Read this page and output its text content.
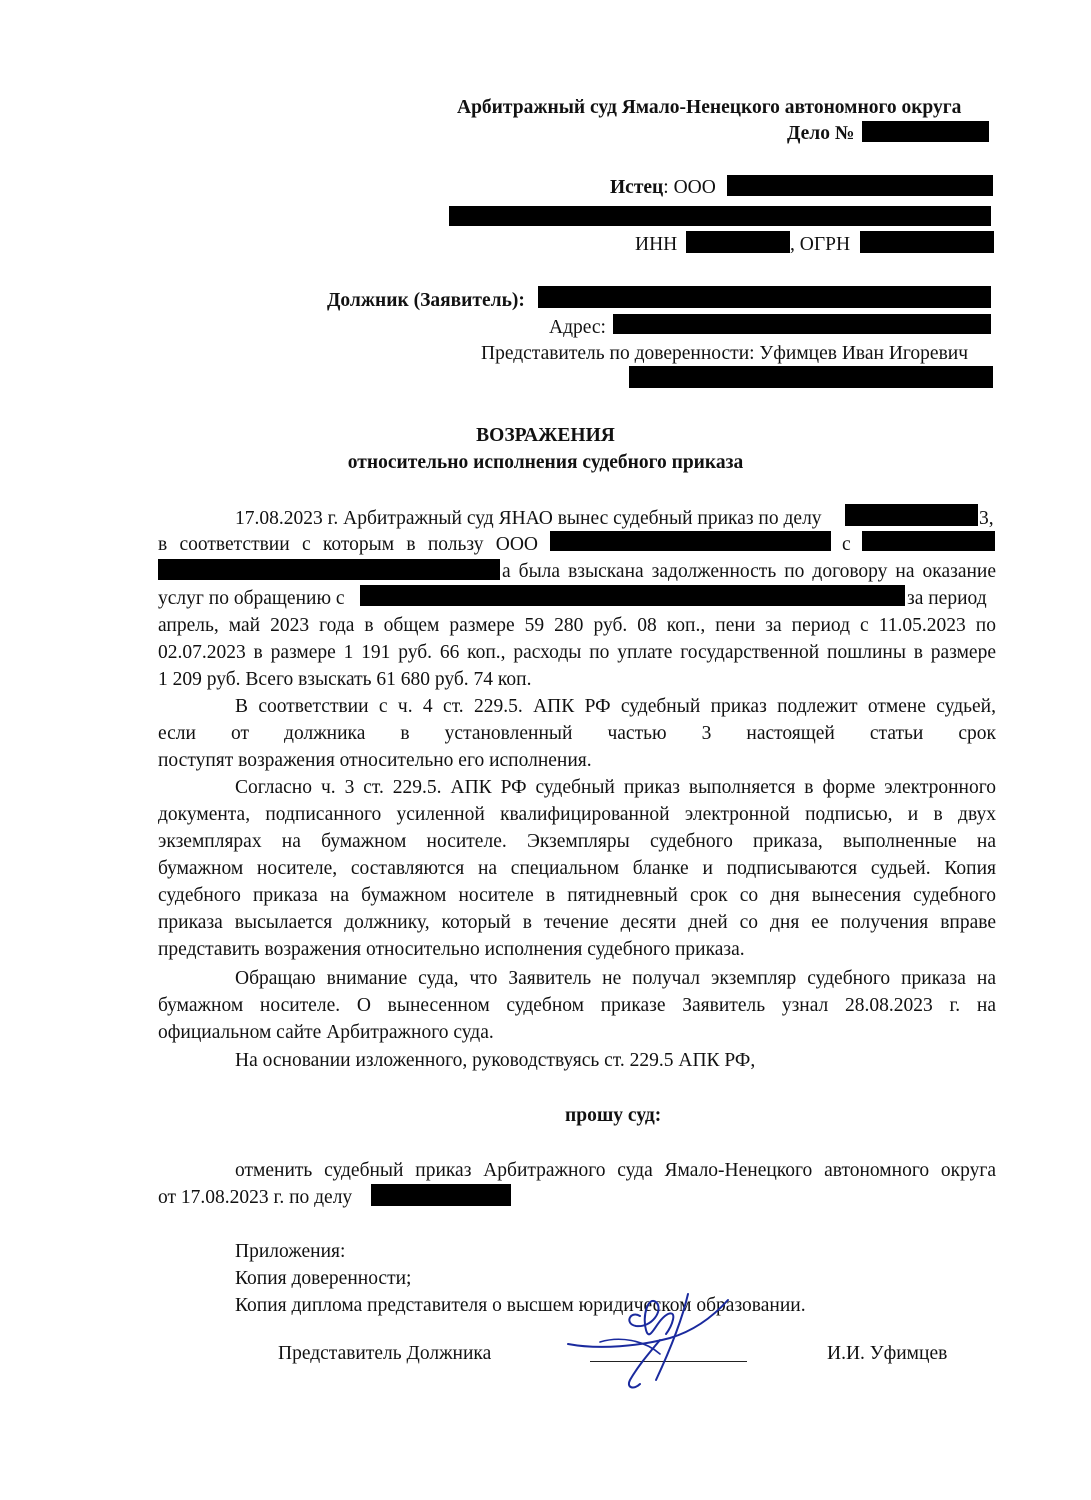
Арбитражный суд Ямало-Ненецкого автономного округа
Дело №
Истец: ООО
ИНН	, ОГРН
Должник (Заявитель):
Адрес:
Представитель по доверенности: Уфимцев Иван Игоревич
ВОЗРАЖЕНИЯ
относительно исполнения судебного приказа
17.08.2023 г. Арбитражный суд ЯНАО вынес судебный приказ по делу	3,
в соответствии с которым в пользу ООО	с
а была взыскана задолженность по договору на оказание
услуг по обращению с	за период
апрель, май 2023 года в общем размере 59 280 руб. 08 коп., пени за период с 11.05.2023 по
02.07.2023 в размере 1 191 руб. 66 коп., расходы по уплате государственной пошлины в размере
1 209 руб. Всего взыскать 61 680 руб. 74 коп.
В соответствии с ч. 4 ст. 229.5. АПК РФ судебный приказ подлежит отмене судьей,
если от должника в установленный частью 3 настоящей статьи срок
поступят возражения относительно его исполнения.
Согласно ч. 3 ст. 229.5. АПК РФ судебный приказ выполняется в форме электронного
документа, подписанного усиленной квалифицированной электронной подписью, и в двух
экземплярах на бумажном носителе. Экземпляры судебного приказа, выполненные на
бумажном носителе, составляются на специальном бланке и подписываются судьей. Копия
судебного приказа на бумажном носителе в пятидневный срок со дня вынесения судебного
приказа высылается должнику, который в течение десяти дней со дня ее получения вправе
представить возражения относительно исполнения судебного приказа.
Обращаю внимание суда, что Заявитель не получал экземпляр судебного приказа на
бумажном носителе. О вынесенном судебном приказе Заявитель узнал 28.08.2023 г. на
официальном сайте Арбитражного суда.
На основании изложенного, руководствуясь ст. 229.5 АПК РФ,
прошу суд:
отменить судебный приказ Арбитражного суда Ямало-Ненецкого автономного округа
от 17.08.2023 г. по делу
Приложения:
Копия доверенности;
Копия диплома представителя о высшем юридическом образовании.
Представитель Должника	И.И. Уфимцев
